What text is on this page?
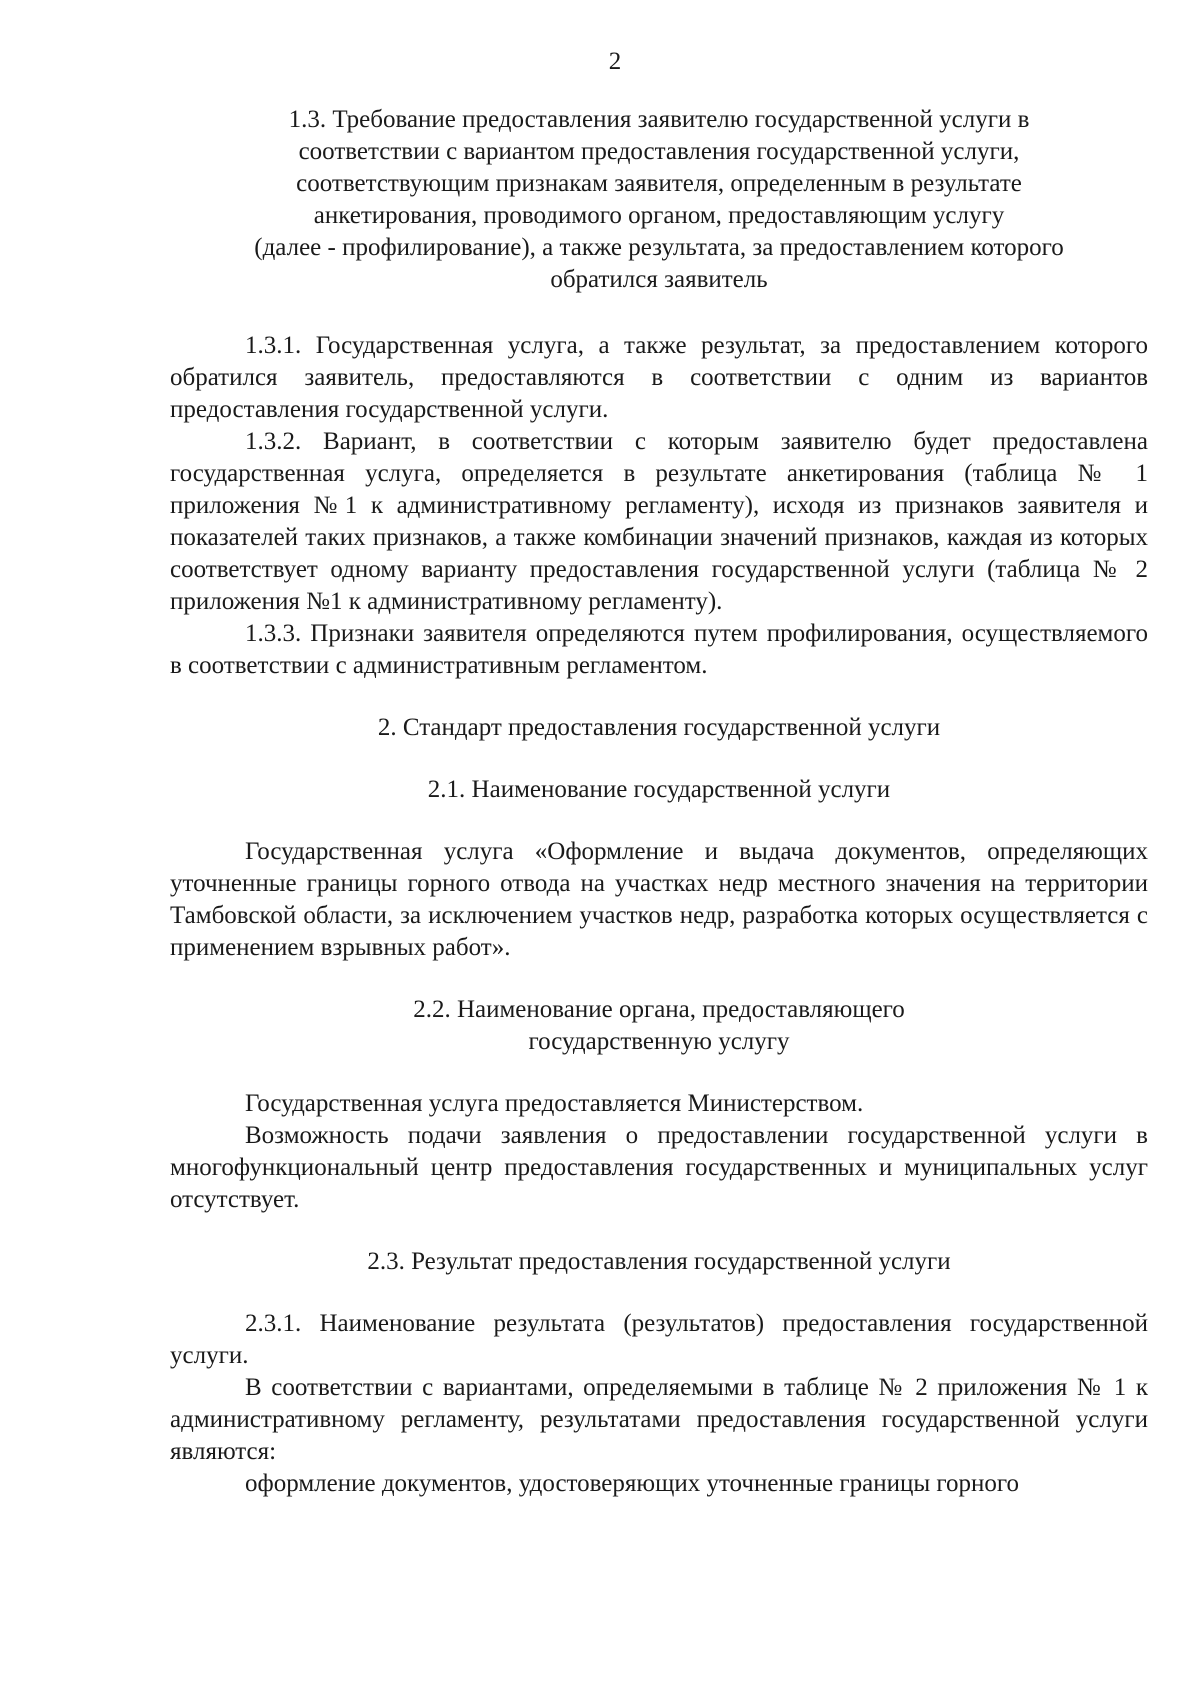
2
1.3. Требование предоставления заявителю государственной услуги в
соответствии с вариантом предоставления государственной услуги,
соответствующим признакам заявителя, определенным в результате
анкетирования, проводимого органом, предоставляющим услугу
(далее - профилирование), а также результата, за предоставлением которого
обратился заявитель

1.3.1. Государственная услуга, а также результат, за предоставлением которого обратился заявитель, предоставляются в соответствии с одним из вариантов предоставления государственной услуги.

1.3.2. Вариант, в соответствии с которым заявителю будет предоставлена государственная услуга, определяется в результате анкетирования (таблица № 1 приложения №1 к административному регламенту), исходя из признаков заявителя и показателей таких признаков, а также комбинации значений признаков, каждая из которых соответствует одному варианту предоставления государственной услуги (таблица № 2 приложения №1 к административному регламенту).

1.3.3. Признаки заявителя определяются путем профилирования, осуществляемого в соответствии с административным регламентом.

2. Стандарт предоставления государственной услуги
2.1. Наименование государственной услуги

Государственная услуга «Оформление и выдача документов, определяющих уточненные границы горного отвода на участках недр местного значения на территории Тамбовской области, за исключением участков недр, разработка которых осуществляется с применением взрывных работ».

2.2. Наименование органа, предоставляющего
государственную услугу

Государственная услуга предоставляется Министерством.

Возможность подачи заявления о предоставлении государственной услуги в многофункциональный центр предоставления государственных и муниципальных услуг отсутствует.

2.3. Результат предоставления государственной услуги

2.3.1. Наименование результата (результатов) предоставления государственной услуги.

В соответствии с вариантами, определяемыми в таблице № 2 приложения № 1 к административному регламенту, результатами предоставления государственной услуги являются:

оформление документов, удостоверяющих уточненные границы горного
